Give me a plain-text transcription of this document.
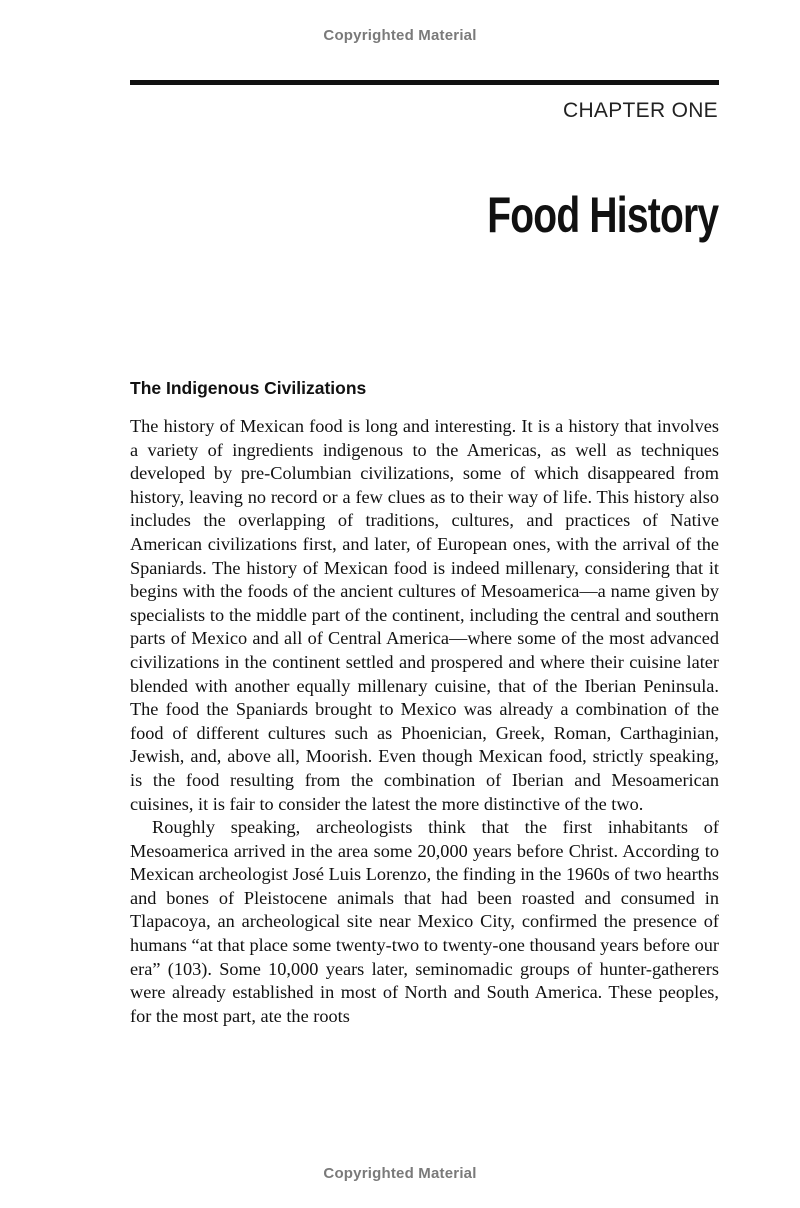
Copyrighted Material
CHAPTER ONE
Food History
The Indigenous Civilizations

The history of Mexican food is long and interesting. It is a history that involves a variety of ingredients indigenous to the Americas, as well as techniques developed by pre-Columbian civilizations, some of which disappeared from history, leaving no record or a few clues as to their way of life. This history also includes the overlapping of traditions, cultures, and practices of Native American civilizations first, and later, of European ones, with the arrival of the Spaniards. The history of Mexican food is indeed millenary, considering that it begins with the foods of the ancient cultures of Mesoamerica—a name given by specialists to the middle part of the continent, including the central and southern parts of Mexico and all of Central America—where some of the most advanced civilizations in the continent settled and prospered and where their cuisine later blended with another equally millenary cuisine, that of the Iberian Peninsula. The food the Spaniards brought to Mexico was already a combination of the food of different cultures such as Phoenician, Greek, Roman, Carthaginian, Jewish, and, above all, Moorish. Even though Mexican food, strictly speaking, is the food resulting from the combination of Iberian and Mesoamerican cuisines, it is fair to consider the latest the more distinctive of the two.

Roughly speaking, archeologists think that the first inhabitants of Mesoamerica arrived in the area some 20,000 years before Christ. According to Mexican archeologist José Luis Lorenzo, the finding in the 1960s of two hearths and bones of Pleistocene animals that had been roasted and consumed in Tlapacoya, an archeological site near Mexico City, confirmed the presence of humans “at that place some twenty-two to twenty-one thousand years before our era” (103). Some 10,000 years later, seminomadic groups of hunter-gatherers were already established in most of North and South America. These peoples, for the most part, ate the roots

Copyrighted Material
